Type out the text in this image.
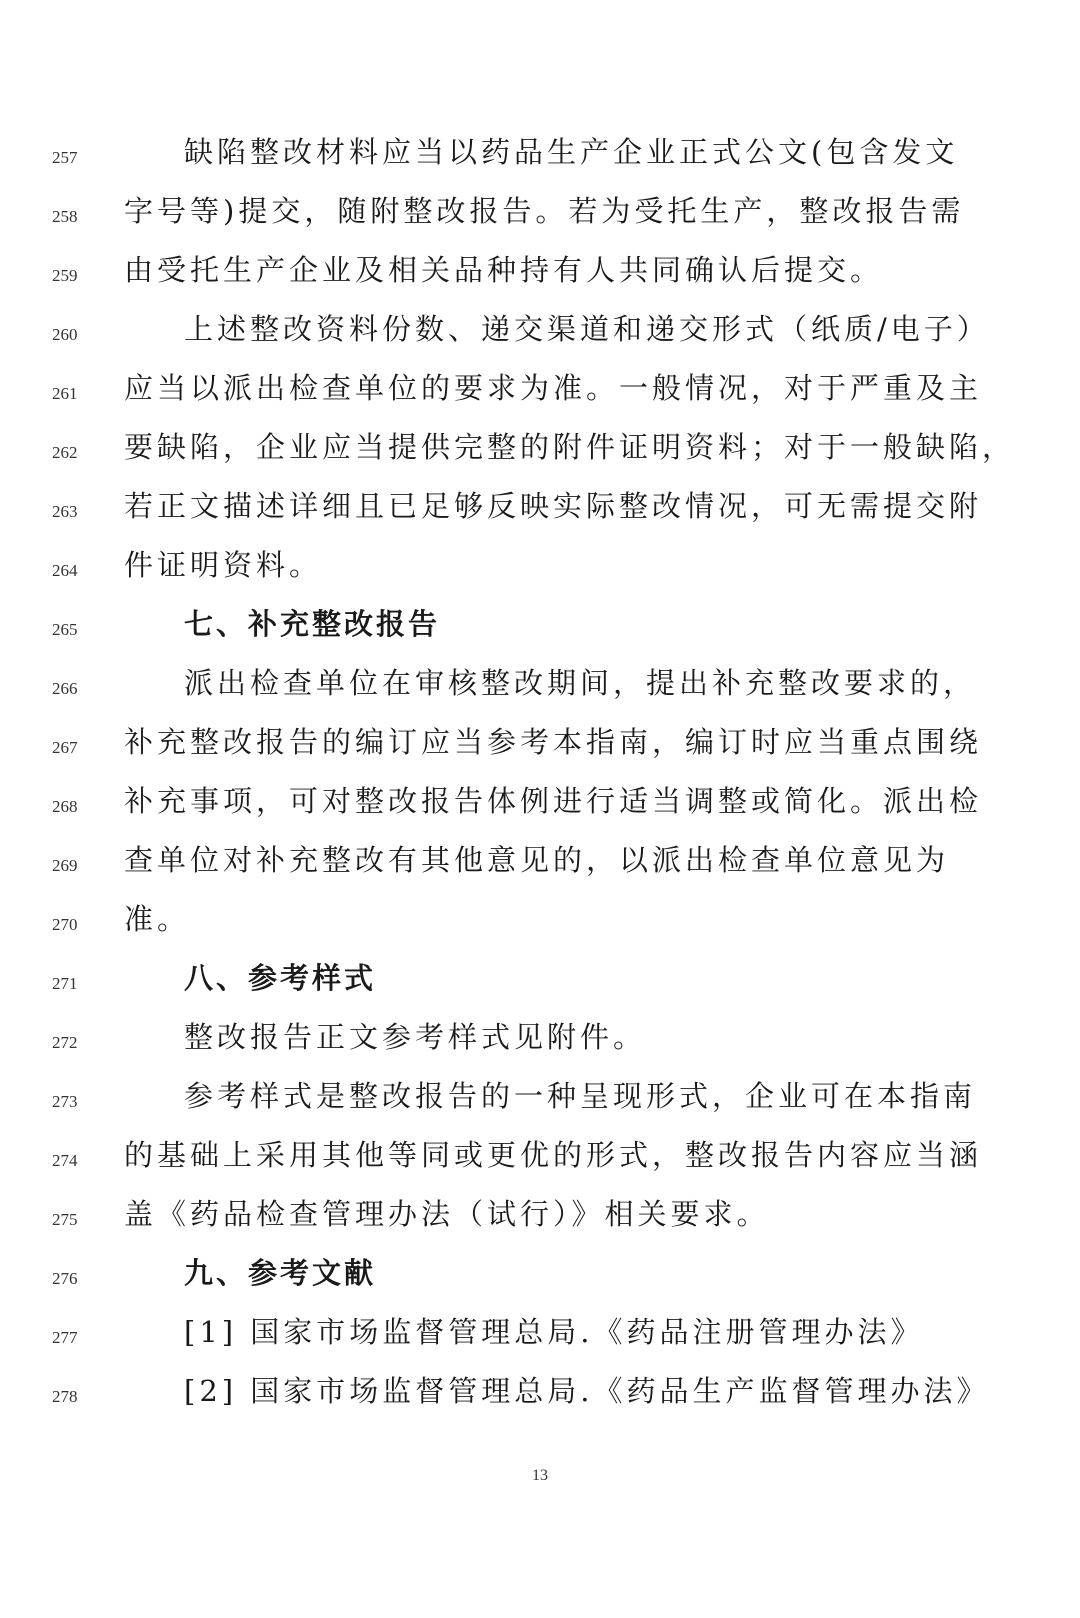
257	缺陷整改材料应当以药品生产企业正式公文(包含发文
258	字号等)提交，随附整改报告。若为受托生产，整改报告需
259	由受托生产企业及相关品种持有人共同确认后提交。
260	上述整改资料份数、递交渠道和递交形式（纸质/电子）
261	应当以派出检查单位的要求为准。一般情况，对于严重及主
262	要缺陷，企业应当提供完整的附件证明资料；对于一般缺陷，
263	若正文描述详细且已足够反映实际整改情况，可无需提交附
264	件证明资料。
265	七、补充整改报告
266	派出检查单位在审核整改期间，提出补充整改要求的，
267	补充整改报告的编订应当参考本指南，编订时应当重点围绕
268	补充事项，可对整改报告体例进行适当调整或简化。派出检
269	查单位对补充整改有其他意见的，以派出检查单位意见为
270	准。
271	八、参考样式
272	整改报告正文参考样式见附件。
273	参考样式是整改报告的一种呈现形式，企业可在本指南
274	的基础上采用其他等同或更优的形式，整改报告内容应当涵
275	盖《药品检查管理办法（试行）》相关要求。
276	九、参考文献
277	[1] 国家市场监督管理总局.《药品注册管理办法》
278	[2] 国家市场监督管理总局.《药品生产监督管理办法》
13
